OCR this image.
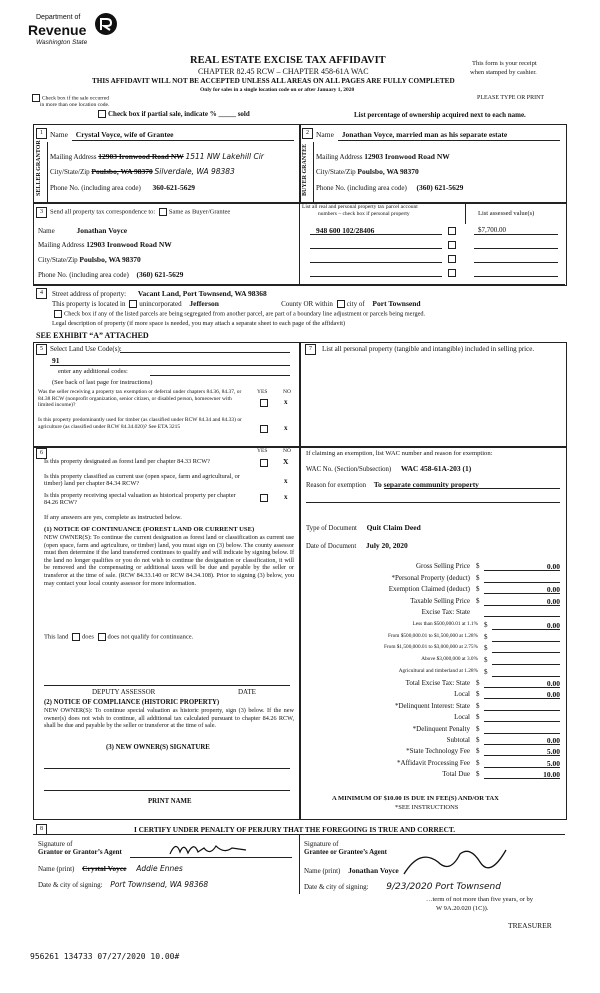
Department of
Revenue
Washington State
REAL ESTATE EXCISE TAX AFFIDAVIT
CHAPTER 82.45 RCW – CHAPTER 458-61A WAC
THIS AFFIDAVIT WILL NOT BE ACCEPTED UNLESS ALL AREAS ON ALL PAGES ARE FULLY COMPLETED
Only for sales in a single location code on or after January 1, 2020
This form is your receipt
when stamped by cashier.
PLEASE TYPE OR PRINT
Check box if the sale occurred
in more than one location code.
Check box if partial sale, indicate % _____ sold	List percentage of ownership acquired next to each name.
1	2
SELLER GRANTOR	BUYER GRANTEE
Name Crystal Voyce, wife of Grantee
Mailing Address 12903 Ironwood Road NW 1511 NW Lakehill Cir
City/State/Zip Poulsbo, WA 98370 Silverdale, WA 98383
Phone No. (including area code) 360-621-5629
Name Jonathan Voyce, married man as his separate estate
Mailing Address 12903 Ironwood Road NW
City/State/Zip Poulsbo, WA 98370
Phone No. (including area code) (360) 621-5629
3	Send all property tax correspondence to: Same as Buyer/Grantee
Name	Jonathan Voyce
Mailing Address 12903 Ironwood Road NW
City/State/Zip Poulsbo, WA 98370
Phone No. (including area code) (360) 621-5629
List all real and personal property tax parcel account
numbers – check box if personal property	List assessed value(s)
948 600 102/28406	$7,700.00
4	Street address of property: Vacant Land, Port Townsend, WA 98368
This property is located in unincorporated Jefferson	County OR within city of Port Townsend
Check box if any of the listed parcels are being segregated from another parcel, are part of a boundary line adjustment or parcels being merged.
Legal description of property (if more space is needed, you may attach a separate sheet to each page of the affidavit)
SEE EXHIBIT “A” ATTACHED
5	Select Land Use Code(s):
91
enter any additional codes:
(See back of last page for instructions)
YES	NO
Was the seller receiving a property tax exemption or deferral under chapters 84.36, 84.37, or 84.38 RCW (nonprofit organization, senior citizen, or disabled person, homeowner with limited income)?	x
Is this property predominantly used for timber (as classified under RCW 84.34 and 84.33) or agriculture (as classified under RCW 84.34.020)? See ETA 3215	x
7	List all personal property (tangible and intangible) included in selling price.
6	YES	NO
Is this property designated as forest land per chapter 84.33 RCW?	X
Is this property classified as current use (open space, farm and agricultural, or timber) land per chapter 84.34 RCW?	x
Is this property receiving special valuation as historical property per chapter 84.26 RCW?
x
If any answers are yes, complete as instructed below.
(1) NOTICE OF CONTINUANCE (FOREST LAND OR CURRENT USE)
NEW OWNER(S): To continue the current designation as forest land or classification as current use (open space, farm and agriculture, or timber) land, you must sign on (3) below. The county assessor must then determine if the land transferred continues to qualify and will indicate by signing below. If the land no longer qualifies or you do not wish to continue the designation or classification, it will be removed and the compensating or additional taxes will be due and payable by the seller or transferor at the time of sale. (RCW 84.33.140 or RCW 84.34.108). Prior to signing (3) below, you may contact your local county assessor for more information.
This land does does not qualify for continuance.
DEPUTY ASSESSOR	DATE
(2) NOTICE OF COMPLIANCE (HISTORIC PROPERTY)
NEW OWNER(S): To continue special valuation as historic property, sign (3) below. If the new owner(s) does not wish to continue, all additional tax calculated pursuant to chapter 84.26 RCW, shall be due and payable by the seller or transferor at the time of sale.
(3) NEW OWNER(S) SIGNATURE
PRINT NAME
If claiming an exemption, list WAC number and reason for exemption:
WAC No. (Section/Subsection) WAC 458-61A-203 (1)
Reason for exemption To separate community property
Type of Document Quit Claim Deed
Date of Document July 20, 2020
Gross Selling Price $	0.00
*Personal Property (deduct) $
Exemption Claimed (deduct) $	0.00
Taxable Selling Price $	0.00
Excise Tax: State
Less than $500,000.01 at 1.1% $	0.00
From $500,000.01 to $1,500,000 at 1.28% $
From $1,500,000.01 to $3,000,000 at 2.75% $
Above $3,000,000 at 3.0% $
Agricultural and timberland at 1.28% $
Total Excise Tax: State $	0.00
Local $	0.00
*Delinquent Interest: State $
Local $
*Delinquent Penalty $
Subtotal $	0.00
*State Technology Fee $	5.00
*Affidavit Processing Fee $	5.00
Total Due $	10.00
A MINIMUM OF $10.00 IS DUE IN FEE(S) AND/OR TAX
*SEE INSTRUCTIONS
8	I CERTIFY UNDER PENALTY OF PERJURY THAT THE FOREGOING IS TRUE AND CORRECT.
Signature of
Grantor or Grantor’s Agent
Name (print) Crystal Voyce Addie Ennes
Date & city of signing: Port Townsend, WA 98368
Signature of
Grantee or Grantee’s Agent
Name (print) Jonathan Voyce
Date & city of signing: 9/23/2020 Port Townsend
…term of not more than five years, or by
W 9A.20.020 (1C)).
TREASURER
956261 134733 07/27/2020 10.00#
